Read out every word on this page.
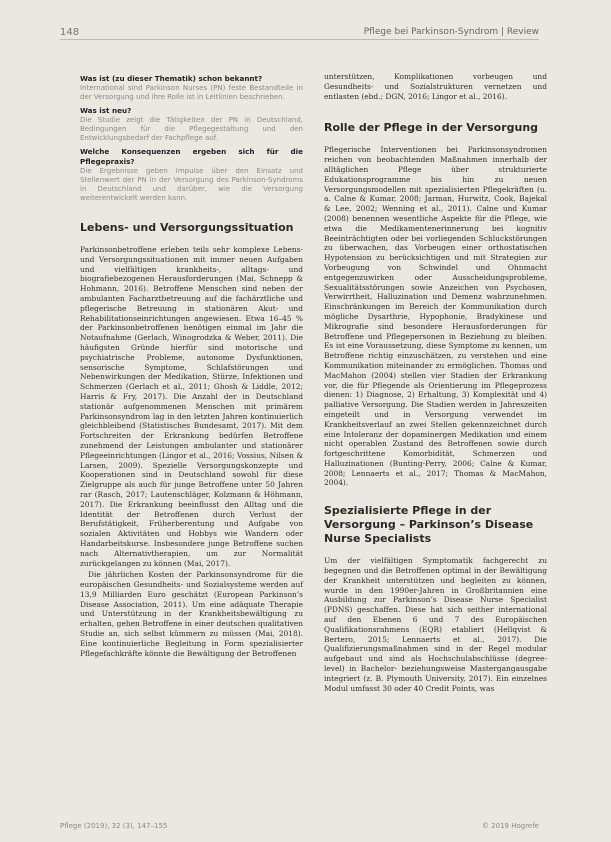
148	Pflege bei Parkinson-Syndrom | Review
Was ist (zu dieser Thematik) schon bekannt?
International sind Parkinson Nurses (PN) feste Bestandteile in der Versorgung und ihre Rolle ist in Leitlinien beschrieben.
Was ist neu?
Die Studie zeigt die Tätigkeiten der PN in Deutschland, Bedingungen für die Pflegegestaltung und den Entwicklungsbedarf der Fachpflege auf.
Welche Konsequenzen ergeben sich für die Pflegepraxis?
Die Ergebnisse geben Impulse über den Einsatz und Stellenwert der PN in der Versorgung des Parkinson-Syndroms in Deutschland und darüber, wie die Versorgung weiterentwickelt werden kann.
Lebens- und Versorgungssituation

Parkinsonbetroffene erleben teils sehr komplexe Lebens- und Versorgungssituationen mit immer neuen Aufgaben und vielfältigen krankheits-, alltags- und biografiebezogenen Herausforderungen (Mai, Schnepp & Hohmann, 2016). Betroffene Menschen sind neben der ambulanten Facharztbetreuung auf die fachärztliche und pflegerische Betreuung in stationären Akut- und Rehabilitationseinrichtungen angewiesen. Etwa 16–45 % der Parkinsonbetroffenen benötigen einmal im Jahr die Notaufnahme (Gerlach, Winogrodzka & Weber, 2011). Die häufigsten Gründe hierfür sind motorische und psychiatrische Probleme, autonome Dysfunktionen, sensorische Symptome, Schlafstörungen und Nebenwirkungen der Medikation, Stürze, Infektionen und Schmerzen (Gerlach et al., 2011; Ghosh & Liddle, 2012; Harris & Fry, 2017). Die Anzahl der in Deutschland stationär aufgenommenen Menschen mit primärem Parkinsonsyndrom lag in den letzten Jahren kontinuierlich gleichbleibend (Statistisches Bundesamt, 2017). Mit dem Fortschreiten der Erkrankung bedürfen Betroffene zunehmend der Leistungen ambulanter und stationärer Pflegeeinrichtungen (Lingor et al., 2016; Vossius, Nilsen & Larsen, 2009). Spezielle Versorgungskonzepte und Kooperationen sind in Deutschland sowohl für diese Zielgruppe als auch für junge Betroffene unter 50 Jahren rar (Rasch, 2017; Lautenschläger, Kolzmann & Höhmann, 2017). Die Erkrankung beeinflusst den Alltag und die Identität der Betroffenen durch Verlust der Berufstätigkeit, Früherberentung und Aufgabe von sozialen Aktivitäten und Hobbys wie Wandern oder Handarbeitskurse. Insbesondere junge Betroffene suchen nach Alternativtherapien, um zur Normalität zurückgelangen zu können (Mai, 2017).

Die jährlichen Kosten der Parkinsonsyndrome für die europäischen Gesundheits- und Sozialsysteme werden auf 13,9 Milliarden Euro geschätzt (European Parkinson’s Disease Association, 2011). Um eine adäquate Therapie und Unterstützung in der Krankheitsbewältigung zu erhalten, gehen Betroffene in einer deutschen qualitativen Studie an, sich selbst kümmern zu müssen (Mai, 2018). Eine kontinuierliche Begleitung in Form spezialisierter Pflegefachkräfte könnte die Bewältigung der Betroffenen

unterstützen, Komplikationen vorbeugen und Gesundheits- und Sozialstrukturen vernetzen und entlasten (ebd.; DGN, 2016; Lingor et al., 2016).

Rolle der Pflege in der Versorgung

Pflegerische Interventionen bei Parkinsonsyndromen reichen von beobachtenden Maßnahmen innerhalb der alltäglichen Pflege über strukturierte Edukationsprogramme bis hin zu neuen Versorgungsmodellen mit spezialisierten Pflegekräften (u. a. Calne & Kumar, 2008; Jarman, Hurwitz, Cook, Bajekal & Lee, 2002; Wenning et al., 2011). Calne und Kumar (2008) benennen wesentliche Aspekte für die Pflege, wie etwa die Medikamentenerinnerung bei kognitiv Beeinträchtigten oder bei vorliegenden Schluckstörungen zu überwachen, das Vorbeugen einer orthostatischen Hypotension zu berücksichtigen und mit Strategien zur Vorbeugung von Schwindel und Ohnmacht entgegenzuwirken oder Ausscheidungsprobleme, Sexualitätsstörungen sowie Anzeichen von Psychosen, Verwirrtheit, Halluzination und Demenz wahrzunehmen. Einschränkungen im Bereich der Kommunikation durch mögliche Dysarthrie, Hypophonie, Bradykinese und Mikrografie sind besondere Herausforderungen für Betroffene und Pflegepersonen in Beziehung zu bleiben. Es ist eine Voraussetzung, diese Symptome zu kennen, um Betroffene richtig einzuschätzen, zu verstehen und eine Kommunikation miteinander zu ermöglichen. Thomas und MacMahon (2004) stellen vier Stadien der Erkrankung vor, die für Pflegende als Orientierung im Pflegeprozess dienen: 1) Diagnose, 2) Erhaltung, 3) Komplexität und 4) palliative Versorgung. Die Stadien werden in Jahreszeiten eingeteilt und in Versorgung verwendet im Krankheitsverlauf an zwei Stellen gekennzeichnet durch eine Intoleranz der dopaminergen Medikation und einem nicht operablen Zustand des Betroffenen sowie durch fortgeschrittene Komorbidität, Schmerzen und Halluzinationen (Bunting-Perry, 2006; Calne & Kumar, 2008; Lennaerts et al., 2017; Thomas & MacMahon, 2004).

Spezialisierte Pflege in der Versorgung – Parkinson’s Disease Nurse Specialists

Um der vielfältigen Symptomatik fachgerecht zu begegnen und die Betroffenen optimal in der Bewältigung der Krankheit unterstützen und begleiten zu können, wurde in den 1990er-Jahren in Großbritannien eine Ausbildung zur Parkinson’s Disease Nurse Specialist (PDNS) geschaffen. Diese hat sich seither international auf den Ebenen 6 und 7 des Europäischen Qualifikationsrahmens (EQR) etabliert (Hellqvist & Bertero, 2015; Lennaerts et al., 2017). Die Qualifizierungsmaßnahmen sind in der Regel modular aufgebaut und sind als Hochschulabschlüsse (degree-level) in Bachelor- beziehungsweise Mastergangausgabe integriert (z. B. Plymouth University, 2017). Ein einzelnes Modul umfasst 30 oder 40 Credit Points, was

Pflege (2019), 32 (3), 147–155	© 2019 Hogrefe
